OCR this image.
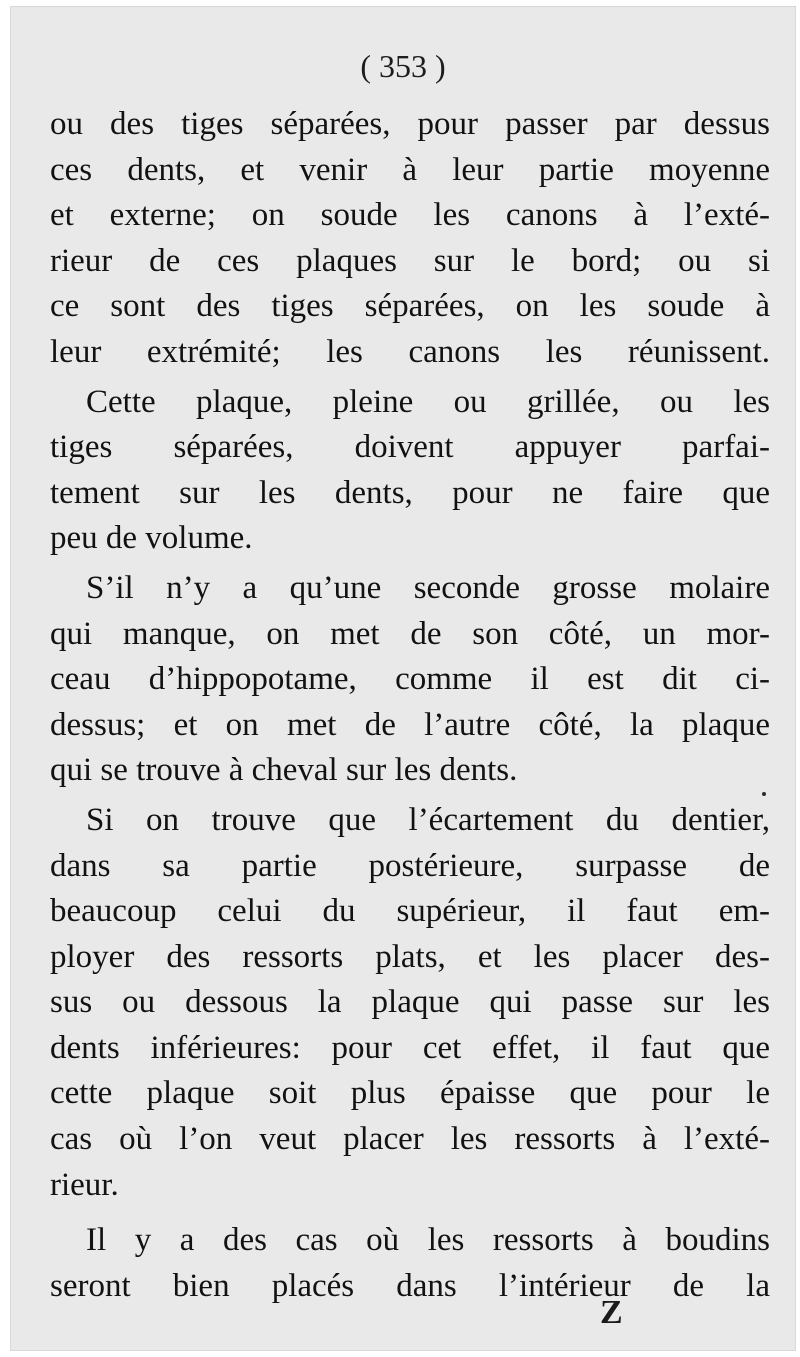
( 353 )
ou des tiges séparées, pour passer par dessus
ces dents, et venir à leur partie moyenne
et externe; on soude les canons à l’exté-
rieur de ces plaques sur le bord; ou si
ce sont des tiges séparées, on les soude à
leur extrémité; les canons les réunissent.
Cette plaque, pleine ou grillée, ou les
tiges séparées, doivent appuyer parfai-
tement sur les dents, pour ne faire que
peu de volume.
S’il n’y a qu’une seconde grosse molaire
qui manque, on met de son côté, un mor-
ceau d’hippopotame, comme il est dit ci-
dessus; et on met de l’autre côté, la plaque
qui se trouve à cheval sur les dents.
Si on trouve que l’écartement du dentier,
dans sa partie postérieure, surpasse de
beaucoup celui du supérieur, il faut em-
ployer des ressorts plats, et les placer des-
sus ou dessous la plaque qui passe sur les
dents inférieures: pour cet effet, il faut que
cette plaque soit plus épaisse que pour le
cas où l’on veut placer les ressorts à l’exté-
rieur.
Il y a des cas où les ressorts à boudins
seront bien placés dans l’intérieur de la
Z
